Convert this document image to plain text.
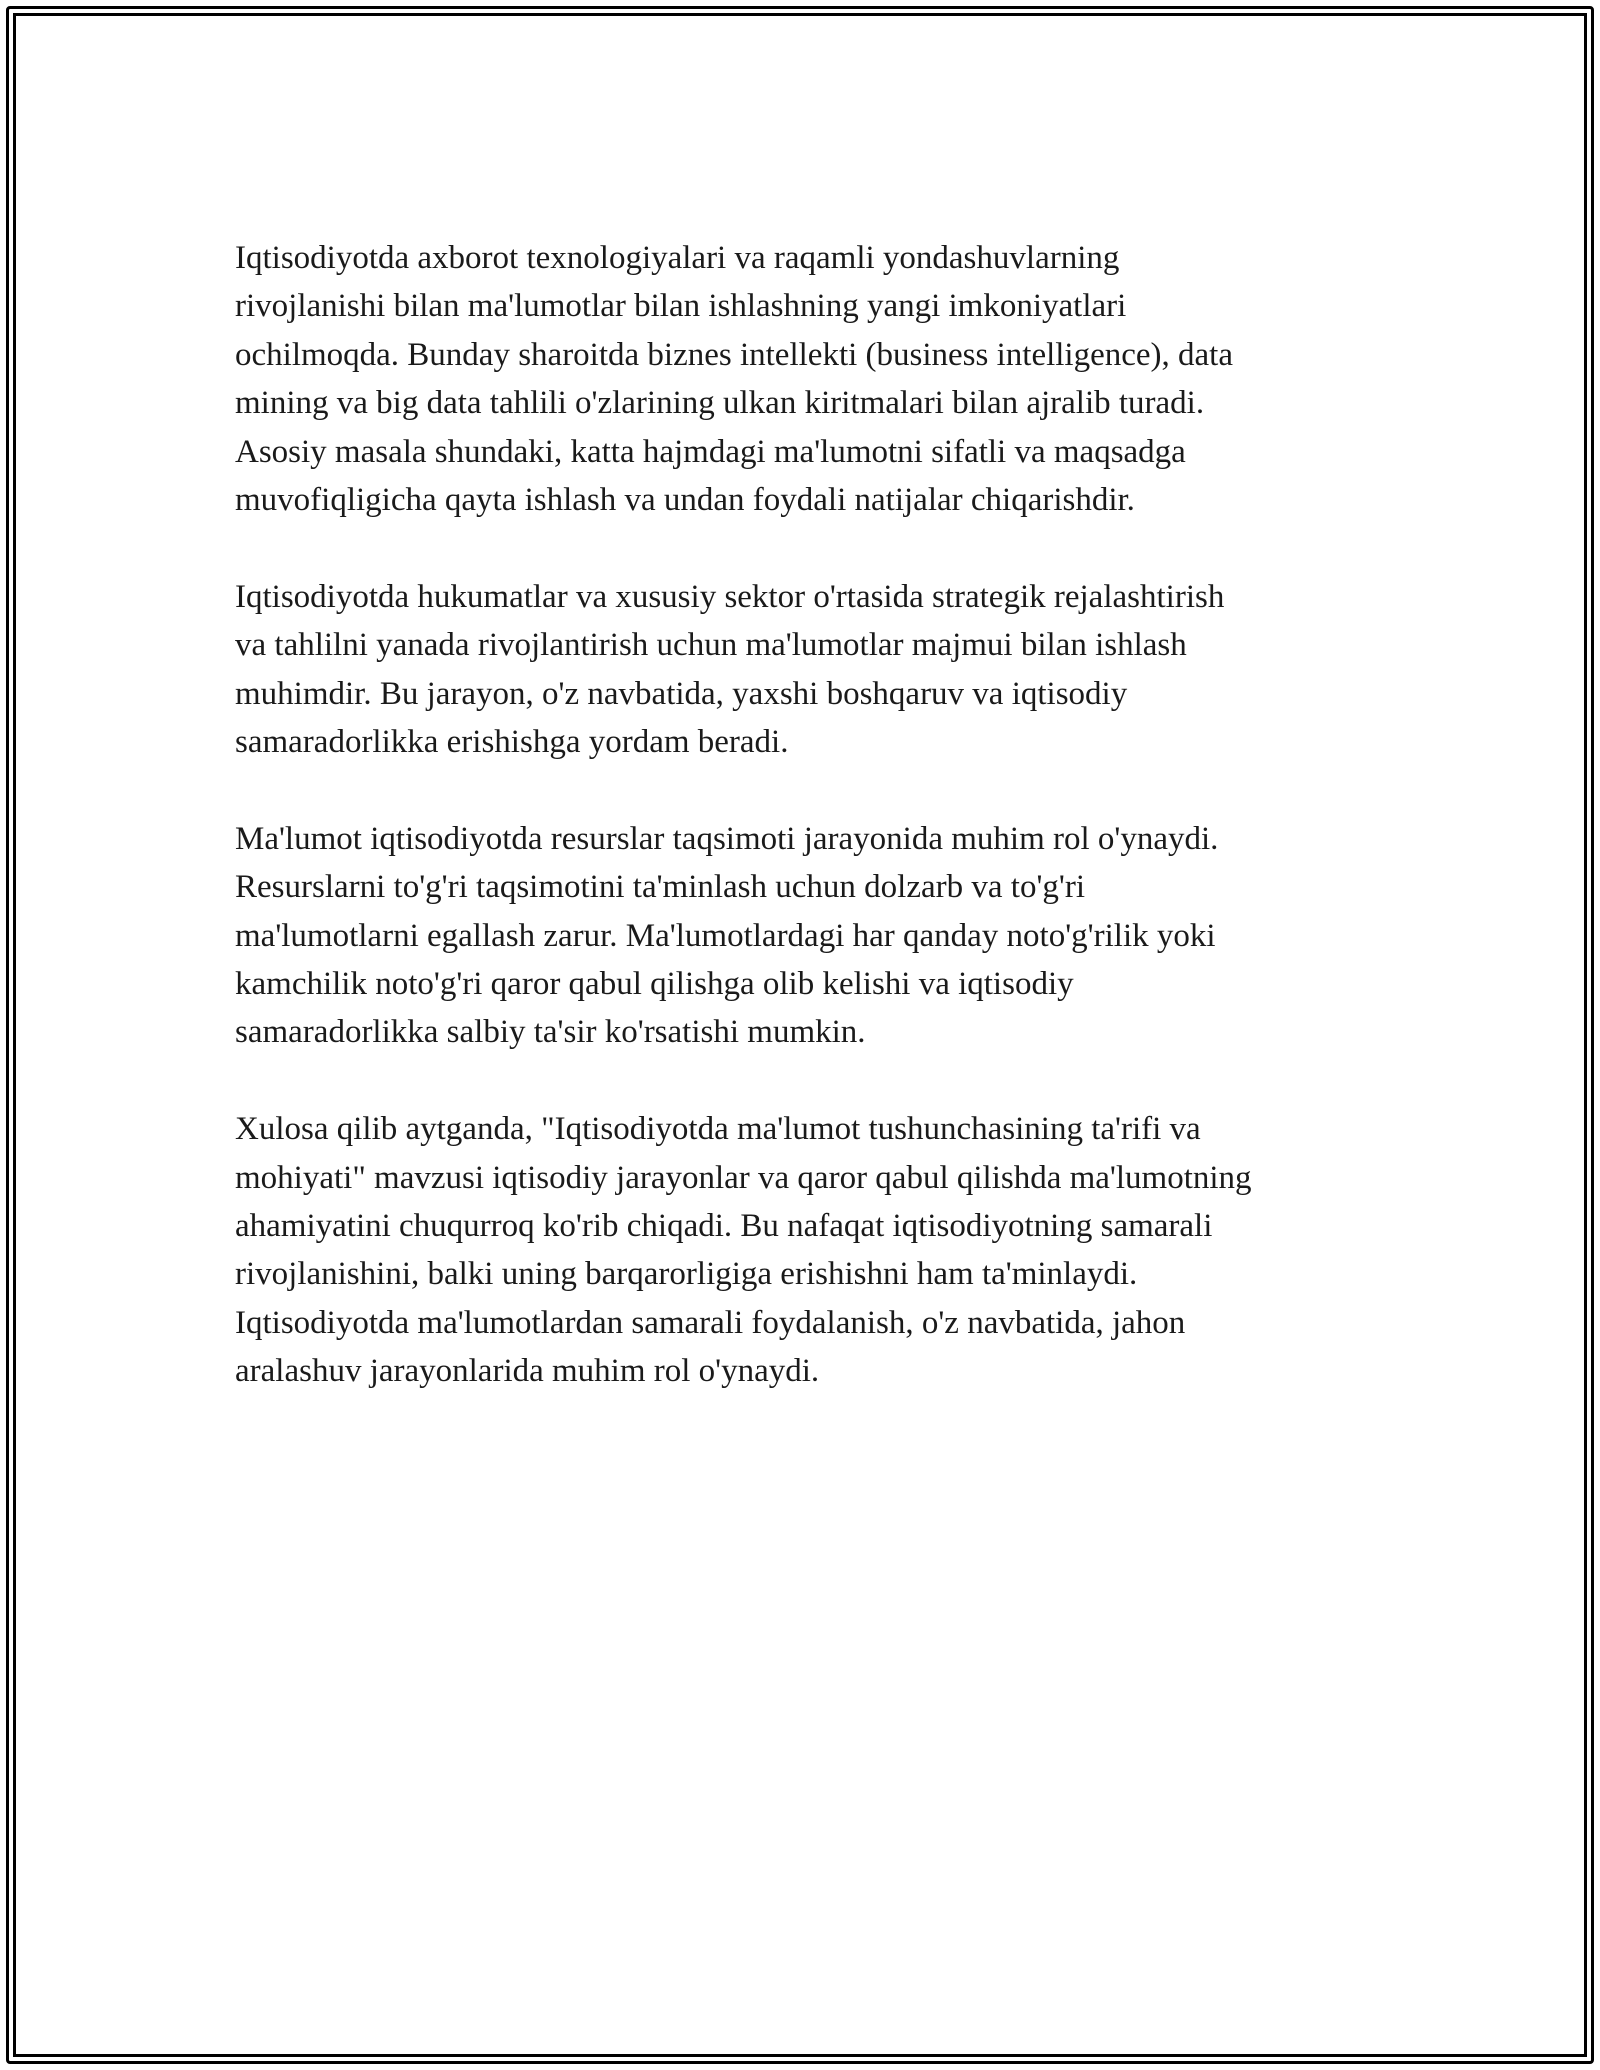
Iqtisodiyotda axborot texnologiyalari va raqamli yondashuvlarning
rivojlanishi bilan ma'lumotlar bilan ishlashning yangi imkoniyatlari
ochilmoqda. Bunday sharoitda biznes intellekti (business intelligence), data
mining va big data tahlili o'zlarining ulkan kiritmalari bilan ajralib turadi.
Asosiy masala shundaki, katta hajmdagi ma'lumotni sifatli va maqsadga
muvofiqligicha qayta ishlash va undan foydali natijalar chiqarishdir.

Iqtisodiyotda hukumatlar va xususiy sektor o'rtasida strategik rejalashtirish
va tahlilni yanada rivojlantirish uchun ma'lumotlar majmui bilan ishlash
muhimdir. Bu jarayon, o'z navbatida, yaxshi boshqaruv va iqtisodiy
samaradorlikka erishishga yordam beradi.

Ma'lumot iqtisodiyotda resurslar taqsimoti jarayonida muhim rol o'ynaydi.
Resurslarni to'g'ri taqsimotini ta'minlash uchun dolzarb va to'g'ri
ma'lumotlarni egallash zarur. Ma'lumotlardagi har qanday noto'g'rilik yoki
kamchilik noto'g'ri qaror qabul qilishga olib kelishi va iqtisodiy
samaradorlikka salbiy ta'sir ko'rsatishi mumkin.

Xulosa qilib aytganda, "Iqtisodiyotda ma'lumot tushunchasining ta'rifi va
mohiyati" mavzusi iqtisodiy jarayonlar va qaror qabul qilishda ma'lumotning
ahamiyatini chuqurroq ko'rib chiqadi. Bu nafaqat iqtisodiyotning samarali
rivojlanishini, balki uning barqarorligiga erishishni ham ta'minlaydi.
Iqtisodiyotda ma'lumotlardan samarali foydalanish, o'z navbatida, jahon
aralashuv jarayonlarida muhim rol o'ynaydi.
